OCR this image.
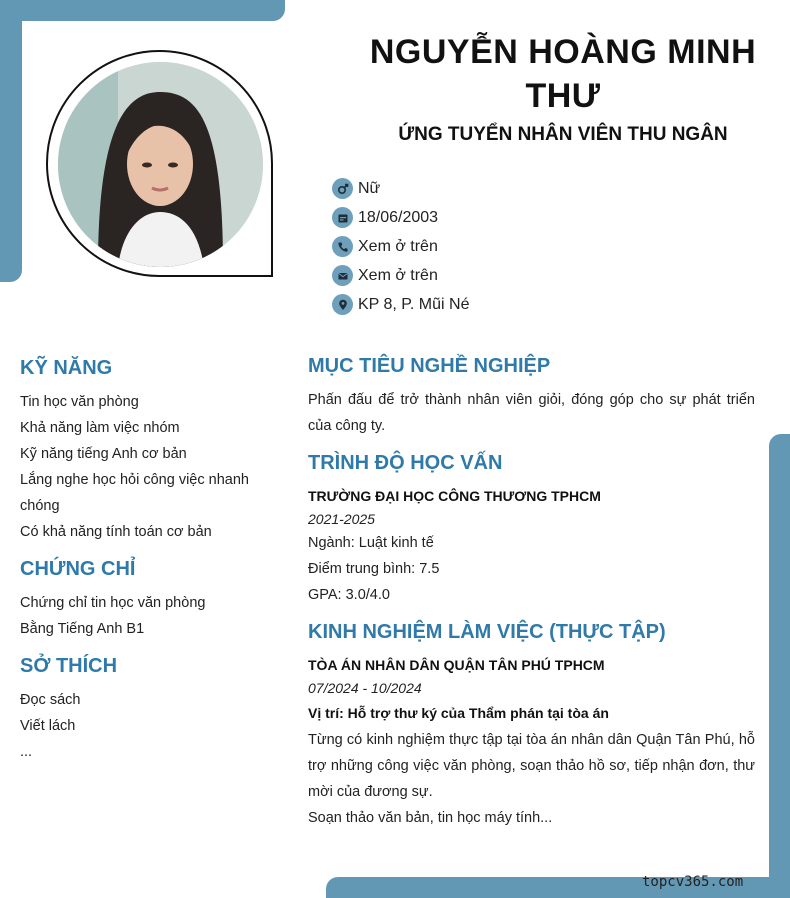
NGUYỄN HOÀNG MINH THƯ
ỨNG TUYỂN NHÂN VIÊN THU NGÂN
Nữ
18/06/2003
Xem ở trên
Xem ở trên
KP 8, P. Mũi Né
KỸ NĂNG
Tin học văn phòng
Khả năng làm việc nhóm
Kỹ năng tiếng Anh cơ bản
Lắng nghe học hỏi công việc nhanh chóng
Có khả năng tính toán cơ bản
CHỨNG CHỈ
Chứng chỉ tin học văn phòng
Bằng Tiếng Anh B1
SỞ THÍCH
Đọc sách
Viết lách
...
MỤC TIÊU NGHỀ NGHIỆP
Phấn đấu để trở thành nhân viên giỏi, đóng góp cho sự phát triển của công ty.
TRÌNH ĐỘ HỌC VẤN
TRƯỜNG ĐẠI HỌC CÔNG THƯƠNG TPHCM
2021-2025
Ngành: Luật kinh tế
Điểm trung bình: 7.5
GPA: 3.0/4.0
KINH NGHIỆM LÀM VIỆC (THỰC TẬP)
TÒA ÁN NHÂN DÂN QUẬN TÂN PHÚ TPHCM
07/2024 - 10/2024
Vị trí: Hỗ trợ thư ký của Thẩm phán tại tòa án
Từng có kinh nghiệm thực tập tại tòa án nhân dân Quận Tân Phú, hỗ trợ những công việc văn phòng, soạn thảo hồ sơ, tiếp nhận đơn, thư mời của đương sự.
Soạn thảo văn bản, tin học máy tính...
topcv365.com
